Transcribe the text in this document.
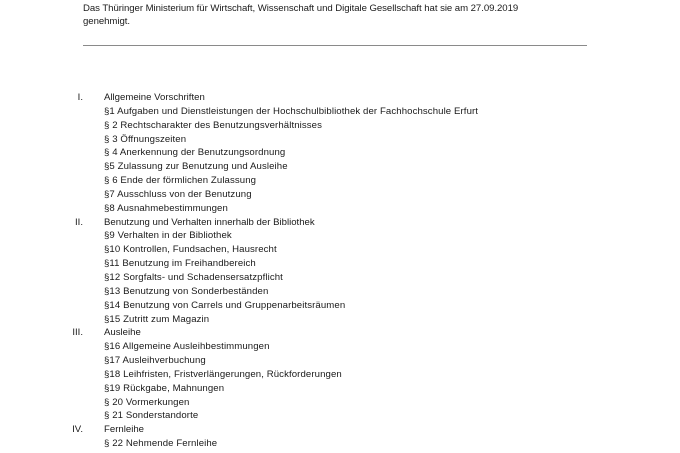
Das Thüringer Ministerium für Wirtschaft, Wissenschaft und Digitale Gesellschaft hat sie am 27.09.2019
genehmigt.
I. Allgemeine Vorschriften
§1 Aufgaben und Dienstleistungen der Hochschulbibliothek der Fachhochschule Erfurt
§ 2 Rechtscharakter des Benutzungsverhältnisses
§ 3 Öffnungszeiten
§ 4 Anerkennung der Benutzungsordnung
§5 Zulassung zur Benutzung und Ausleihe
§ 6 Ende der förmlichen Zulassung
§7 Ausschluss von der Benutzung
§8 Ausnahmebestimmungen
II. Benutzung und Verhalten innerhalb der Bibliothek
§9 Verhalten in der Bibliothek
§10 Kontrollen, Fundsachen, Hausrecht
§11 Benutzung im Freihandbereich
§12 Sorgfalts- und Schadensersatzpflicht
§13 Benutzung von Sonderbeständen
§14 Benutzung von Carrels und Gruppenarbeitsräumen
§15 Zutritt zum Magazin
III. Ausleihe
§16 Allgemeine Ausleihbestimmungen
§17 Ausleihverbuchung
§18 Leihfristen, Fristverlängerungen, Rückforderungen
§19 Rückgabe, Mahnungen
§ 20 Vormerkungen
§ 21 Sonderstandorte
IV. Fernleihe
§ 22 Nehmende Fernleihe
